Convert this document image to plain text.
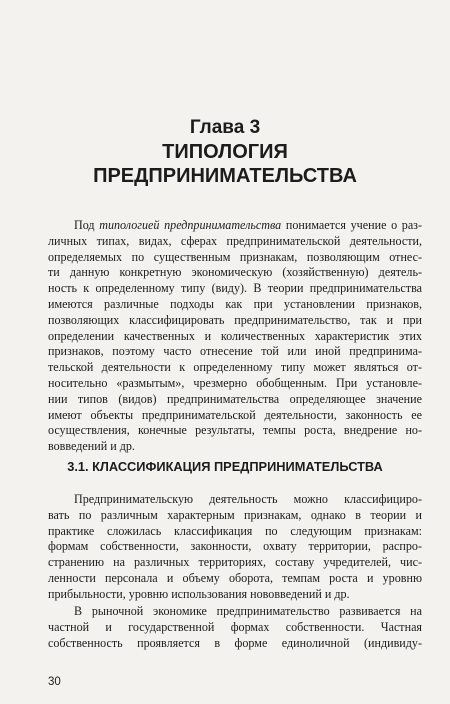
Глава 3
ТИПОЛОГИЯ
ПРЕДПРИНИМАТЕЛЬСТВА
Под типологией предпринимательства понимается учение о раз-
личных типах, видах, сферах предпринимательской деятельности,
определяемых по существенным признакам, позволяющим отнес-
ти данную конкретную экономическую (хозяйственную) деятель-
ность к определенному типу (виду). В теории предпринимательства
имеются различные подходы как при установлении признаков,
позволяющих классифицировать предпринимательство, так и при
определении качественных и количественных характеристик этих
признаков, поэтому часто отнесение той или иной предпринима-
тельской деятельности к определенному типу может являться от-
носительно «размытым», чрезмерно обобщенным. При установле-
нии типов (видов) предпринимательства определяющее значение
имеют объекты предпринимательской деятельности, законность ее
осуществления, конечные результаты, темпы роста, внедрение но-
вовведений и др.
3.1. КЛАССИФИКАЦИЯ ПРЕДПРИНИМАТЕЛЬСТВА
Предпринимательскую деятельность можно классифициро-
вать по различным характерным признакам, однако в теории и
практике сложилась классификация по следующим признакам:
формам собственности, законности, охвату территории, распро-
странению на различных территориях, составу учредителей, чис-
ленности персонала и объему оборота, темпам роста и уровню
прибыльности, уровню использования нововведений и др.
В рыночной экономике предпринимательство развивается на
частной и государственной формах собственности. Частная
собственность проявляется в форме единоличной (индивиду-
30
